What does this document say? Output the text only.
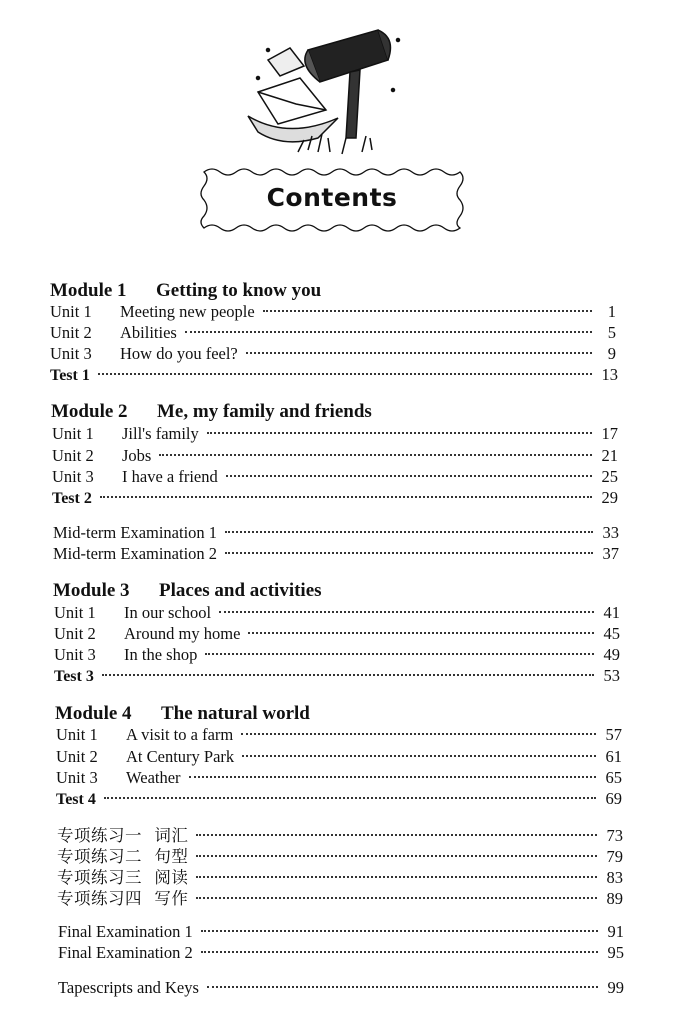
Contents
Module 1 Getting to know you
Unit 1	Meeting new people	1
Unit 2	Abilities	5
Unit 3	How do you feel?	9
Test 1	13
Module 2 Me, my family and friends
Unit 1	Jill's family	17
Unit 2	Jobs	21
Unit 3	I have a friend	25
Test 2	29
Mid-term Examination 1	33
Mid-term Examination 2	37
Module 3 Places and activities
Unit 1	In our school	41
Unit 2	Around my home	45
Unit 3	In the shop	49
Test 3	53
Module 4 The natural world
Unit 1	A visit to a farm	57
Unit 2	At Century Park	61
Unit 3	Weather	65
Test 4	69
专项练习一 词汇	73
专项练习二 句型	79
专项练习三 阅读	83
专项练习四 写作	89
Final Examination 1	91
Final Examination 2	95
Tapescripts and Keys	99
